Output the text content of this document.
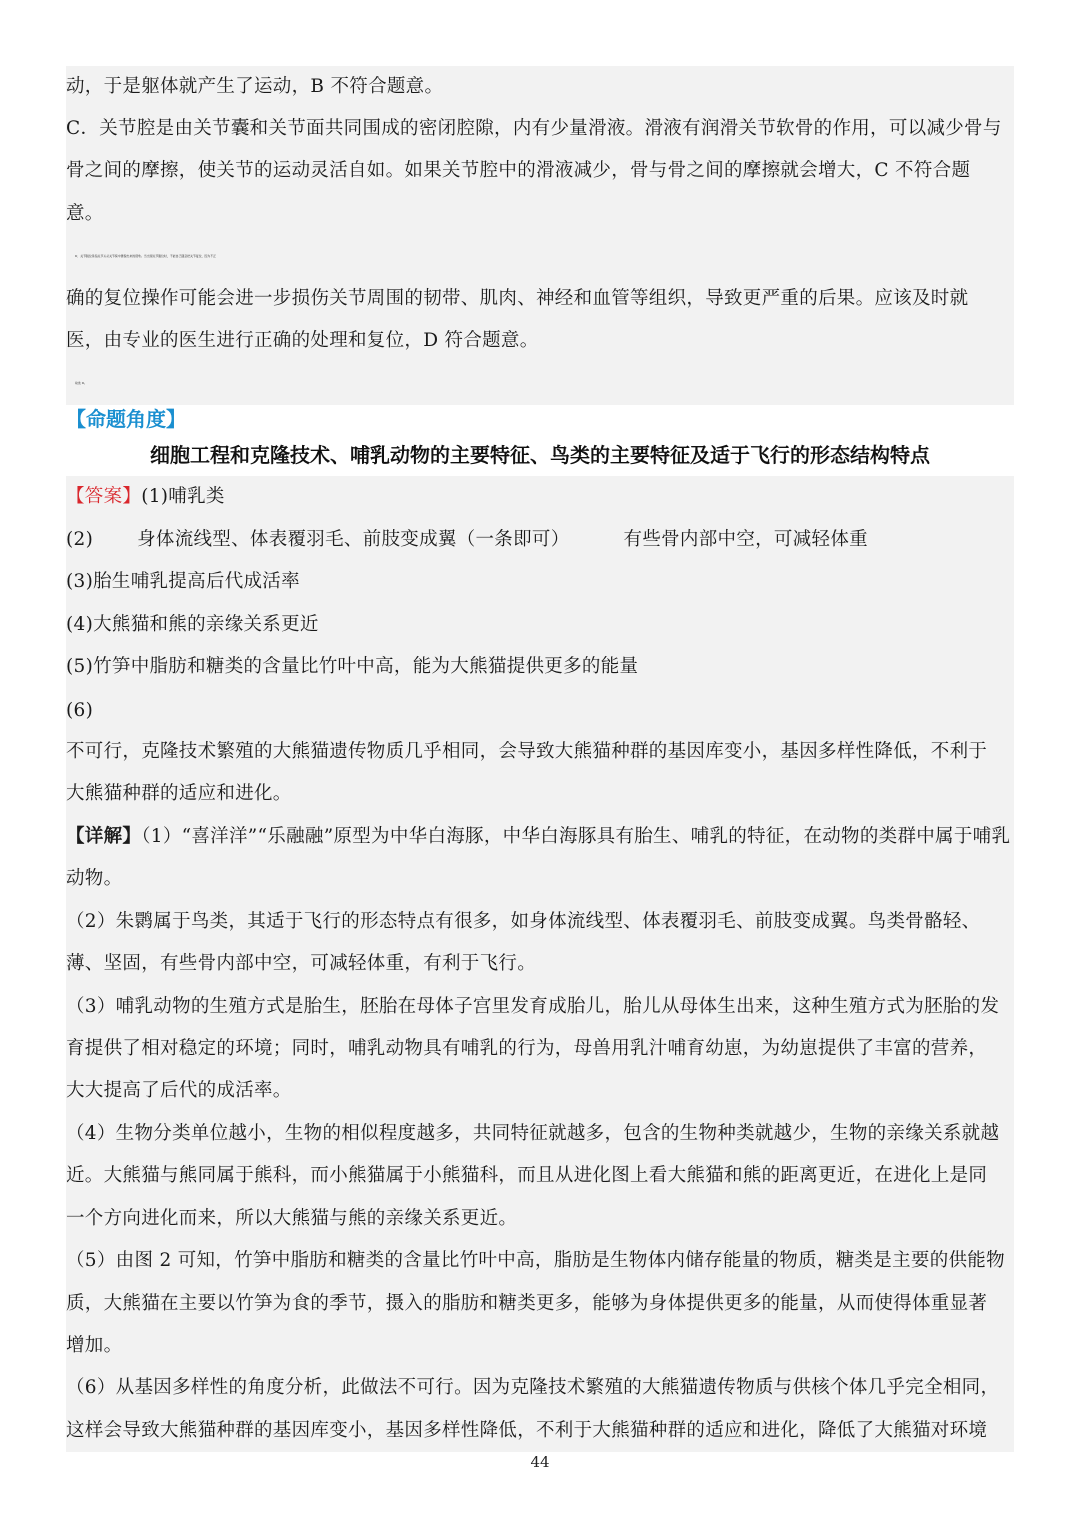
动，于是躯体就产生了运动，B 不符合题意。
C．关节腔是由关节囊和关节面共同围成的密闭腔隙，内有少量滑液。滑液有润滑关节软骨的作用，可以减少骨与
骨之间的摩擦，使关节的运动灵活自如。如果关节腔中的滑液减少，骨与骨之间的摩擦就会增大，C 不符合题
意。
D．关节脱位是指关节头从关节窝中滑脱出来的现象。当出现关节脱位时，不能自己随意把关节复位，因为不正
确的复位操作可能会进一步损伤关节周围的韧带、肌肉、神经和血管等组织，导致更严重的后果。应该及时就
医，由专业的医生进行正确的处理和复位，D 符合题意。
故选 D。
【命题角度】
细胞工程和克隆技术、哺乳动物的主要特征、鸟类的主要特征及适于飞行的形态结构特点
【答案】(1)哺乳类
(2) 身体流线型、体表覆羽毛、前肢变成翼（一条即可）	有些骨内部中空，可减轻体重
(3)胎生哺乳提高后代成活率
(4)大熊猫和熊的亲缘关系更近
(5)竹笋中脂肪和糖类的含量比竹叶中高，能为大熊猫提供更多的能量
(6)
不可行，克隆技术繁殖的大熊猫遗传物质几乎相同，会导致大熊猫种群的基因库变小，基因多样性降低，不利于
大熊猫种群的适应和进化。
【详解】（1）“喜洋洋”“乐融融”原型为中华白海豚，中华白海豚具有胎生、哺乳的特征，在动物的类群中属于哺乳
动物。
（2）朱鹮属于鸟类，其适于飞行的形态特点有很多，如身体流线型、体表覆羽毛、前肢变成翼。鸟类骨骼轻、
薄、坚固，有些骨内部中空，可减轻体重，有利于飞行。
（3）哺乳动物的生殖方式是胎生，胚胎在母体子宫里发育成胎儿，胎儿从母体生出来，这种生殖方式为胚胎的发
育提供了相对稳定的环境；同时，哺乳动物具有哺乳的行为，母兽用乳汁哺育幼崽，为幼崽提供了丰富的营养，
大大提高了后代的成活率。
（4）生物分类单位越小，生物的相似程度越多，共同特征就越多，包含的生物种类就越少，生物的亲缘关系就越
近。大熊猫与熊同属于熊科，而小熊猫属于小熊猫科，而且从进化图上看大熊猫和熊的距离更近，在进化上是同
一个方向进化而来，所以大熊猫与熊的亲缘关系更近。
（5）由图 2 可知，竹笋中脂肪和糖类的含量比竹叶中高，脂肪是生物体内储存能量的物质，糖类是主要的供能物
质，大熊猫在主要以竹笋为食的季节，摄入的脂肪和糖类更多，能够为身体提供更多的能量，从而使得体重显著
增加。
（6）从基因多样性的角度分析，此做法不可行。因为克隆技术繁殖的大熊猫遗传物质与供核个体几乎完全相同，
这样会导致大熊猫种群的基因库变小，基因多样性降低，不利于大熊猫种群的适应和进化，降低了大熊猫对环境
44
